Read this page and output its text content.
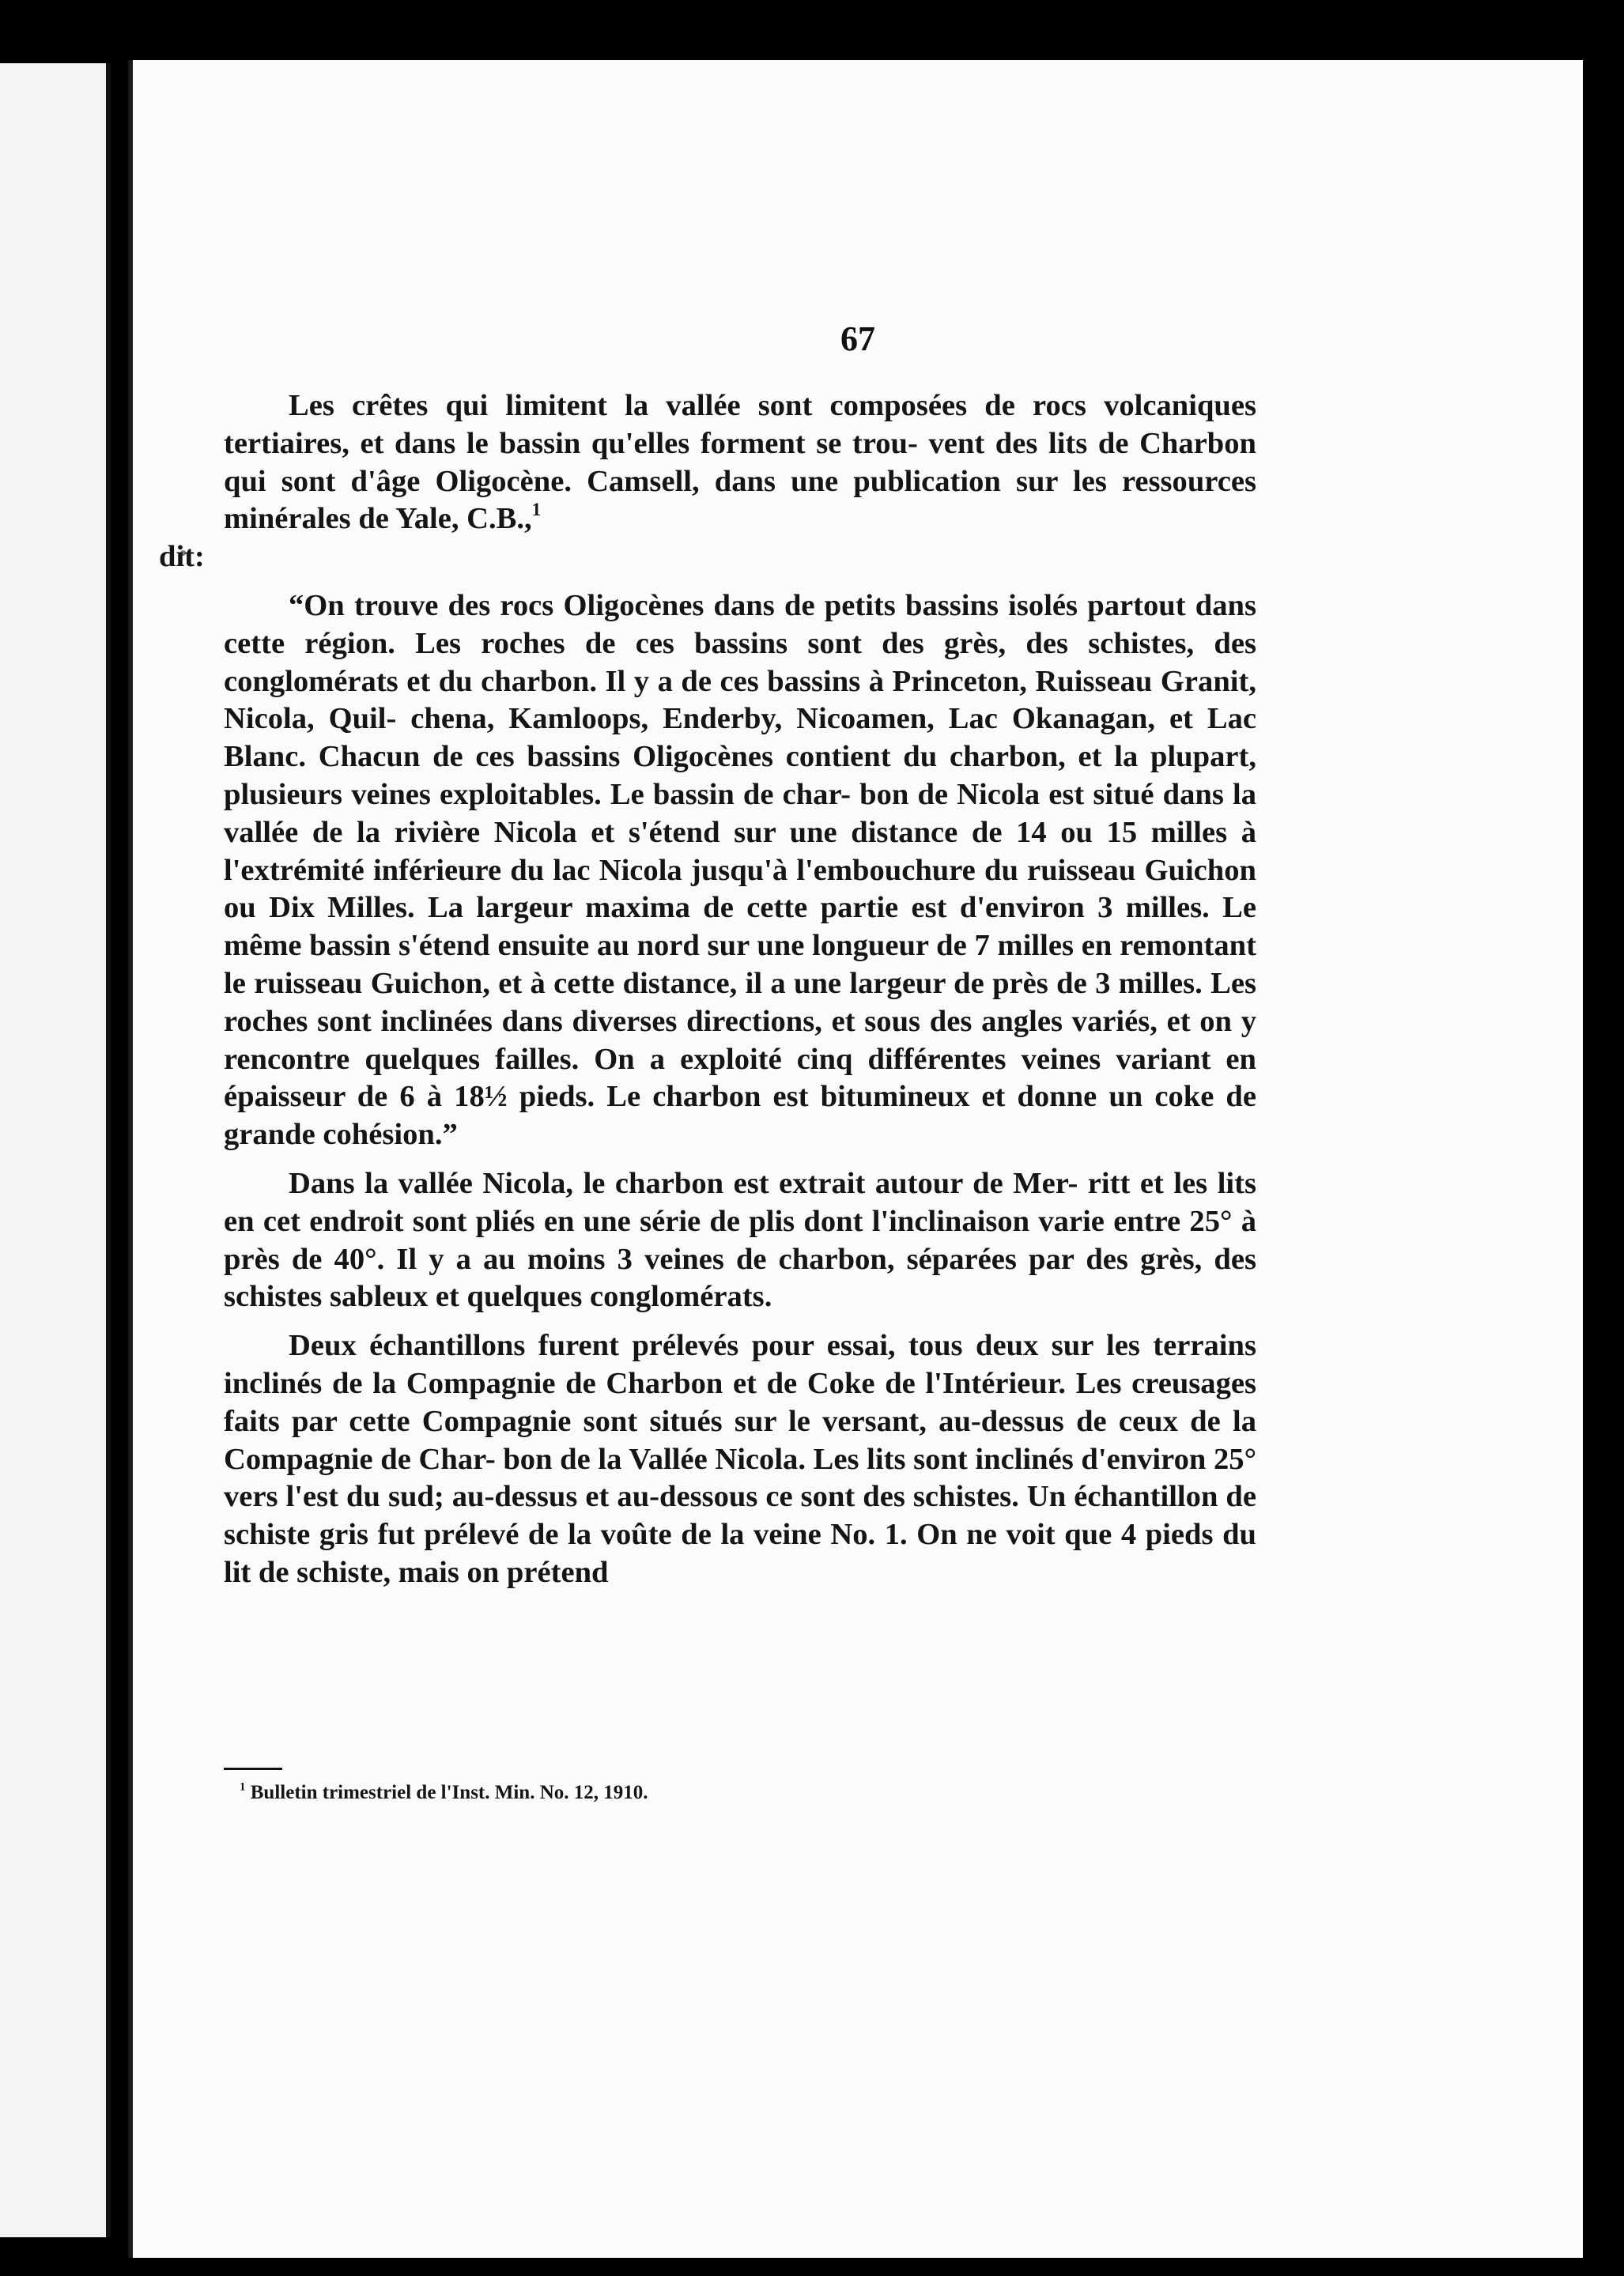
67

Les crêtes qui limitent la vallée sont composées de rocs volcaniques tertiaires, et dans le bassin qu'elles forment se trou- vent des lits de Charbon qui sont d'âge Oligocène. Camsell, dans une publication sur les ressources minérales de Yale, C.B.,$^1$
dit:

“On trouve des rocs Oligocènes dans de petits bassins isolés partout dans cette région. Les roches de ces bassins sont des grès, des schistes, des conglomérats et du charbon. Il y a de ces bassins à Princeton, Ruisseau Granit, Nicola, Quil- chena, Kamloops, Enderby, Nicoamen, Lac Okanagan, et Lac Blanc. Chacun de ces bassins Oligocènes contient du charbon, et la plupart, plusieurs veines exploitables. Le bassin de char- bon de Nicola est situé dans la vallée de la rivière Nicola et s'étend sur une distance de 14 ou 15 milles à l'extrémité inférieure du lac Nicola jusqu'à l'embouchure du ruisseau Guichon ou Dix Milles. La largeur maxima de cette partie est d'environ 3 milles. Le même bassin s'étend ensuite au nord sur une longueur de 7 milles en remontant le ruisseau Guichon, et à cette distance, il a une largeur de près de 3 milles. Les roches sont inclinées dans diverses directions, et sous des angles variés, et on y rencontre quelques failles. On a exploité cinq différentes veines variant en épaisseur de 6 à 18½ pieds. Le charbon est bitumineux et donne un coke de grande cohésion.”

Dans la vallée Nicola, le charbon est extrait autour de Mer- ritt et les lits en cet endroit sont pliés en une série de plis dont l'inclinaison varie entre 25° à près de 40°. Il y a au moins 3 veines de charbon, séparées par des grès, des schistes sableux et quelques conglomérats.

Deux échantillons furent prélevés pour essai, tous deux sur les terrains inclinés de la Compagnie de Charbon et de Coke de l'Intérieur. Les creusages faits par cette Compagnie sont situés sur le versant, au-dessus de ceux de la Compagnie de Char- bon de la Vallée Nicola. Les lits sont inclinés d'environ 25° vers l'est du sud; au-dessus et au-dessous ce sont des schistes. Un échantillon de schiste gris fut prélevé de la voûte de la veine No. 1. On ne voit que 4 pieds du lit de schiste, mais on prétend

$^1$ Bulletin trimestriel de l'Inst. Min. No. 12, 1910.
